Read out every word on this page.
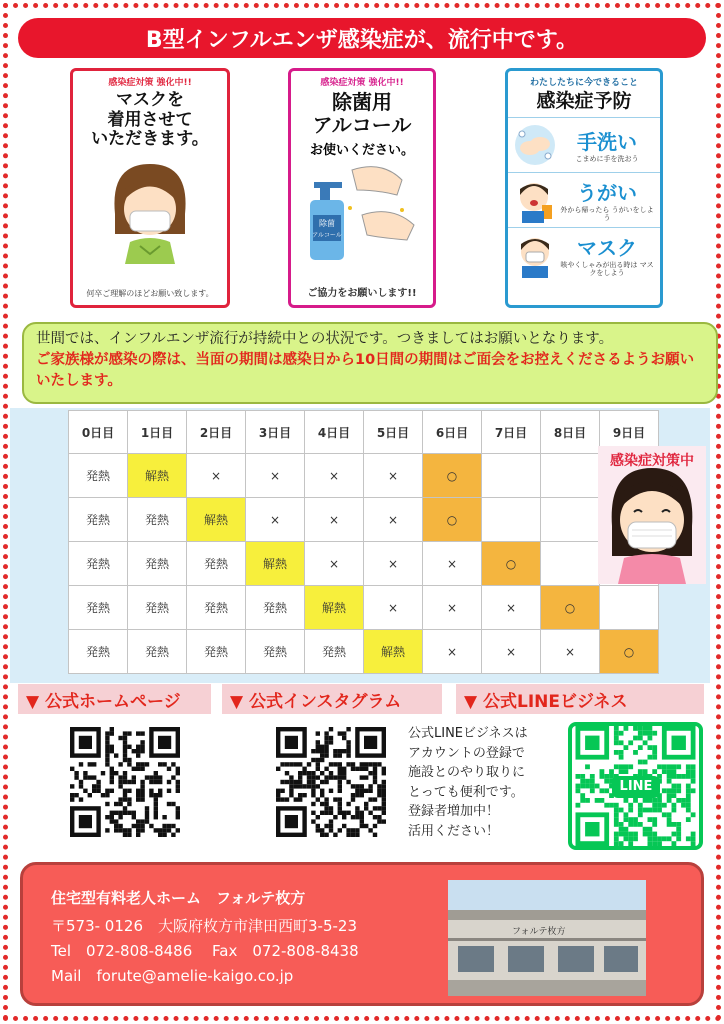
B型インフルエンザ感染症が、流行中です。
感染症対策 強化中!!
マスクを
着用させて
いただきます。
何卒ご理解のほどお願い致します。
感染症対策 強化中!!
除菌用
アルコール
お使いください。
除菌
アルコール
ご協力をお願いします!!
わたしたちに今できること
感染症予防
手洗い
こまめに手を洗おう
うがい
外から帰ったら うがいをしよう
マスク
咳やくしゃみが出る時は マスクをしよう
世間では、インフルエンザ流行が持続中との状況です。つきましてはお願いとなります。
ご家族様が感染の際は、当面の期間は感染日から10日間の期間はご面会をお控えくださるようお願いいたします。
0日目	1日目	2日目	3日目	4日目	5日目	6日目	7日目	8日目	9日目
発熱	解熱	×	×	×	×	○			
発熱	発熱	解熱	×	×	×	○			
発熱	発熱	発熱	解熱	×	×	×	○		
発熱	発熱	発熱	発熱	解熱	×	×	×	○	
発熱	発熱	発熱	発熱	発熱	解熱	×	×	×	○
感染症対策中
▼ 公式ホームページ	▼ 公式インスタグラム	▼ 公式LINEビジネス
公式LINEビジネスは
アカウントの登録で
施設とのやり取りに
とっても便利です。
登録者増加中！
活用ください！
LINE
住宅型有料老人ホーム　フォルテ枚方
〒573- 0126　大阪府枚方市津田西町3-5-23
Tel　072-808-8486　 Fax　072-808-8438
Mail　forute@amelie-kaigo.co.jp
フォルテ枚方
